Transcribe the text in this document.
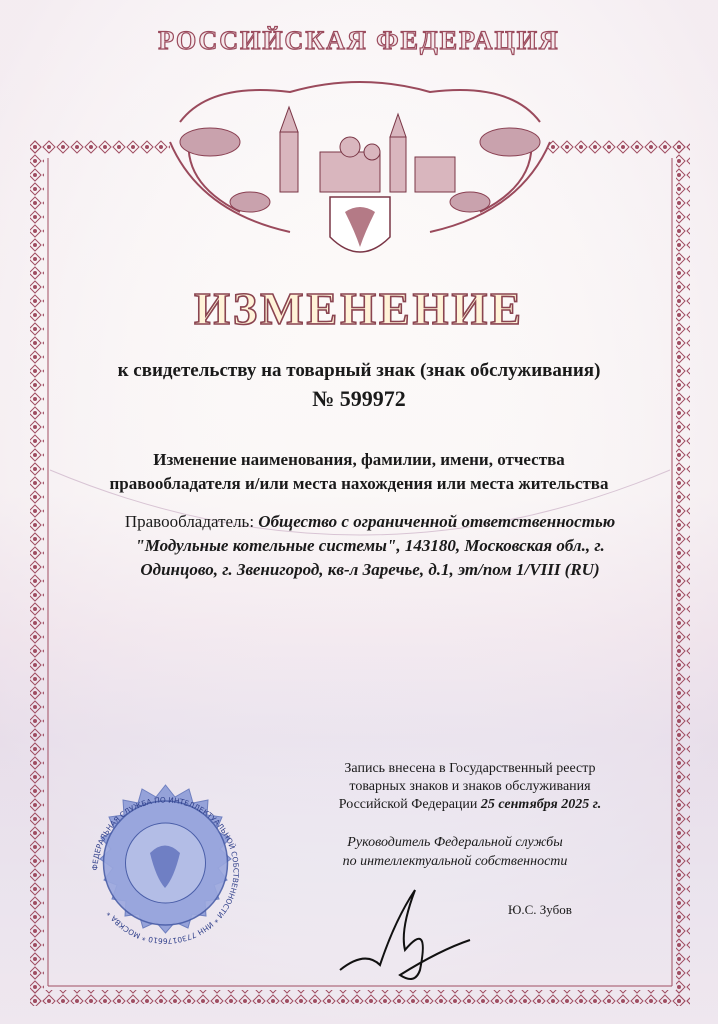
РОССИЙСКАЯ ФЕДЕРАЦИЯ
ИЗМЕНЕНИЕ
к свидетельству на товарный знак (знак обслуживания)
№ 599972
Изменение наименования, фамилии, имени, отчества
правообладателя и/или места нахождения или места жительства
Правообладатель: Общество с ограниченной ответственностью "Модульные котельные системы", 143180, Московская обл., г. Одинцово, г. Звенигород, кв-л Заречье, д.1, эт/пом 1/VIII (RU)
Запись внесена в Государственный реестр
товарных знаков и знаков обслуживания
Российской Федерации 25 сентября 2025 г.
Руководитель Федеральной службы
по интеллектуальной собственности
Ю.С. Зубов
ФЕДЕРАЛЬНАЯ СЛУЖБА ПО ИНТЕЛЛЕКТУАЛЬНОЙ СОБСТВЕННОСТИ * ИНН 7730176610 * МОСКВА *
